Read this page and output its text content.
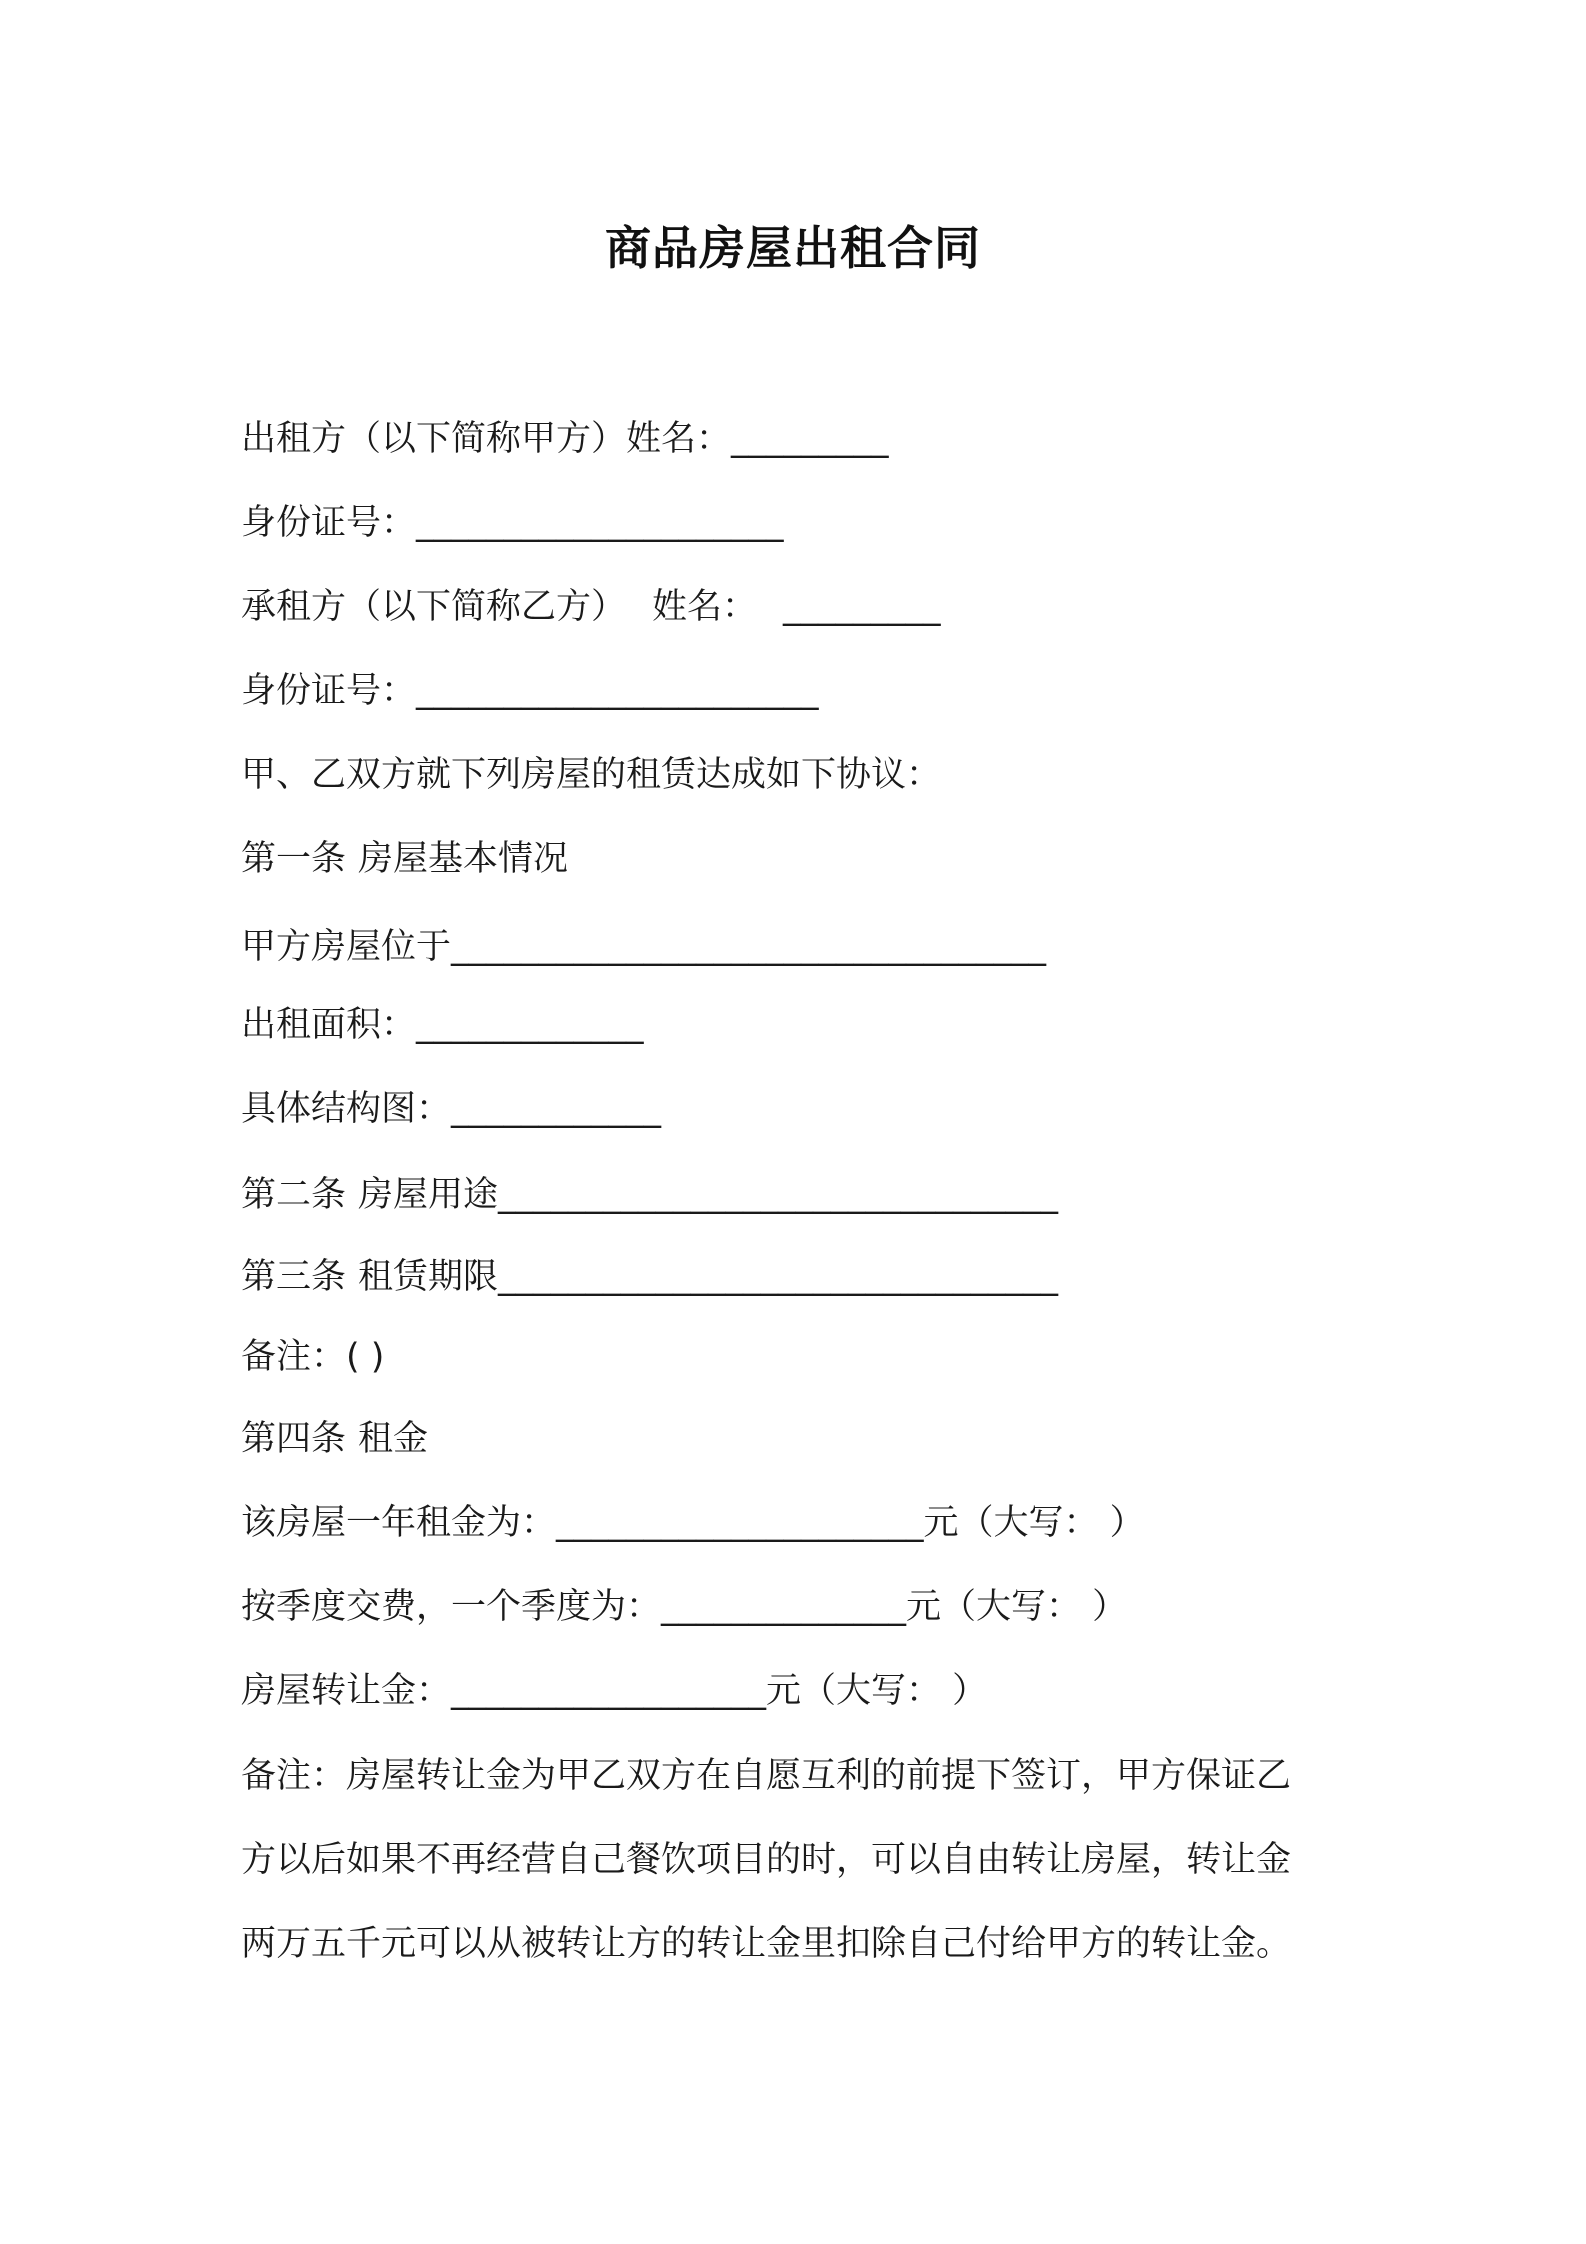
商品房屋出租合同
出租方（以下简称甲方）姓名：_________
身份证号：_____________________
承租方（以下简称乙方） 姓名： _________
身份证号：_______________________
甲、乙双方就下列房屋的租赁达成如下协议：
第一条 房屋基本情况
甲方房屋位于__________________________________
出租面积：_____________
具体结构图：____________
第二条 房屋用途________________________________
第三条 租赁期限________________________________
备注：( )
第四条 租金
该房屋一年租金为：_____________________元（大写： ）
按季度交费，一个季度为：______________元（大写： ）
房屋转让金：__________________元（大写： ）
备注：房屋转让金为甲乙双方在自愿互利的前提下签订，甲方保证乙
方以后如果不再经营自己餐饮项目的时，可以自由转让房屋，转让金
两万五千元可以从被转让方的转让金里扣除自己付给甲方的转让金。
